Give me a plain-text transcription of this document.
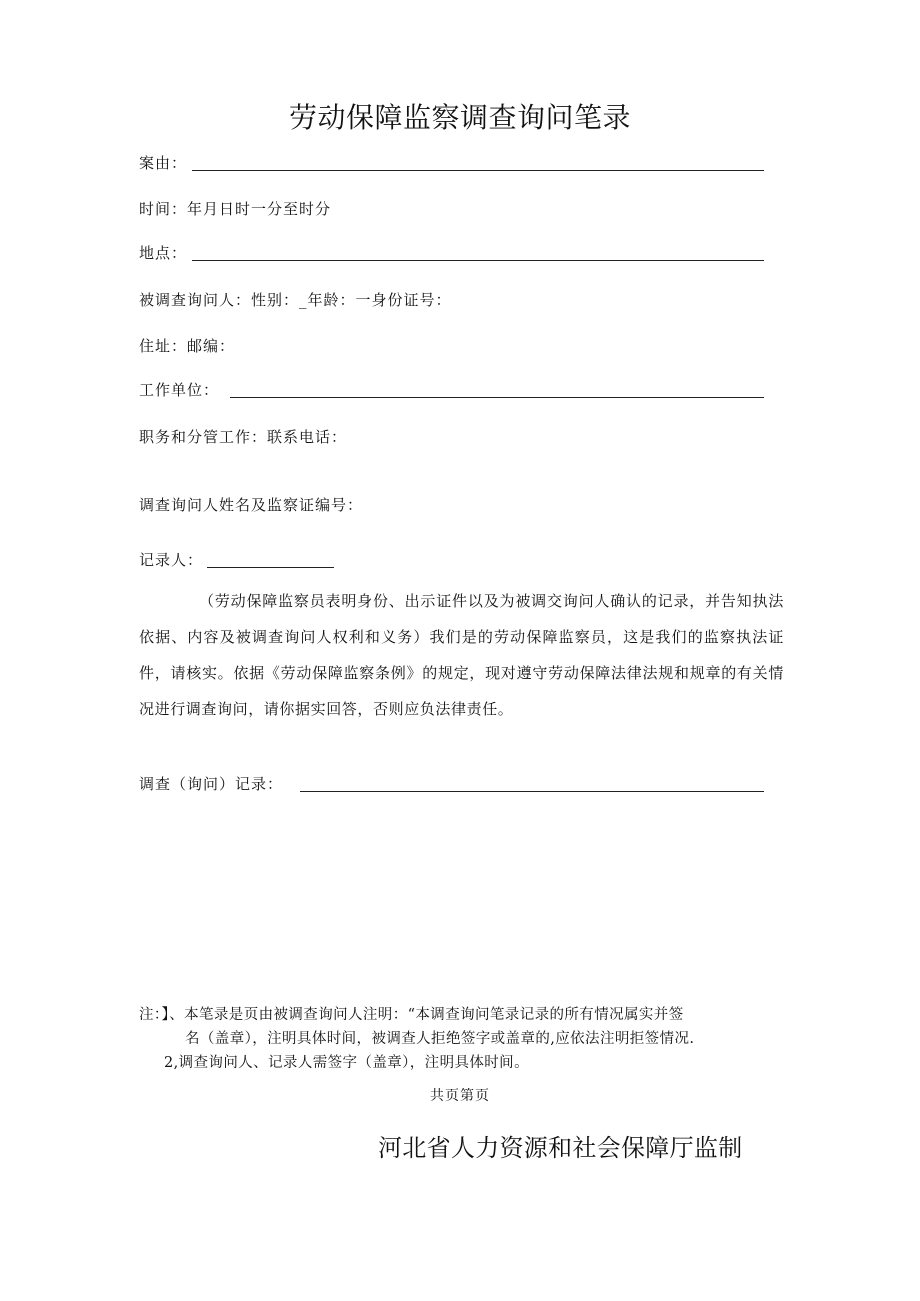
劳动保障监察调查询问笔录
案由：
时间：年月日时一分至时分
地点：
被调查询问人：性别：_年龄：一身份证号：
住址：邮编：
工作单位：
职务和分管工作：联系电话：
调查询问人姓名及监察证编号：
记录人：
（劳动保障监察员表明身份、出示证件以及为被调交询问人确认的记录，并告知执法依据、内容及被调查询问人权利和义务）我们是的劳动保障监察员，这是我们的监察执法证件，请核实。依据《劳动保障监察条例》的规定，现对遵守劳动保障法律法规和规章的有关情况进行调查询问，请你据实回答，否则应负法律责任。
调查（询问）记录：
注：】、本笔录是页由被调查询问人注明：“本调查询问笔录记录的所有情况属实并签
名（盖章），注明具体时间，被调查人拒绝签字或盖章的,应依法注明拒签情况.
2,调查询问人、记录人需签字（盖章），注明具体时间。
共页第页
河北省人力资源和社会保障厅监制
